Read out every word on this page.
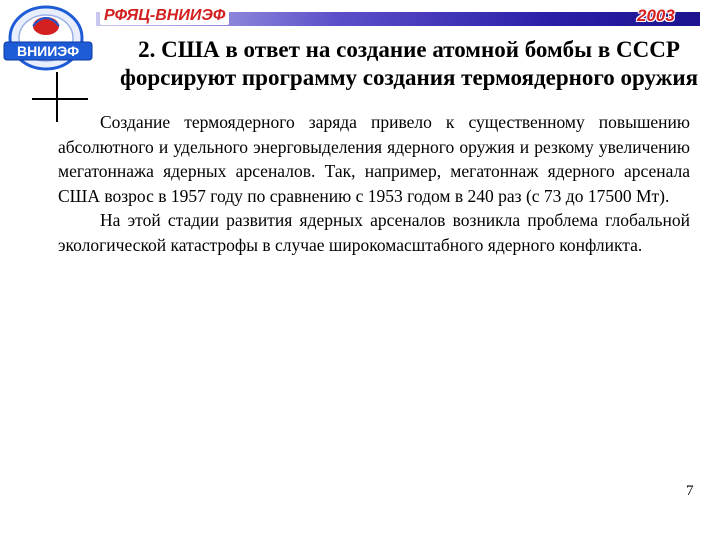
ВНИИЭФ
РФЯЦ-ВНИИЭФ	2003
2. США в ответ на создание атомной бомбы в СССР
форсируют программу создания термоядерного оружия

Создание термоядерного заряда привело к существенному повышению абсолютного и удельного энерговыделения ядерного оружия и резкому увеличению мегатоннажа ядерных арсеналов. Так, например, мегатоннаж ядерного арсенала США возрос в 1957 году по сравнению с 1953 годом в 240 раз (с 73 до 17500 Мт).

На этой стадии развития ядерных арсеналов возникла проблема глобальной экологической катастрофы в случае широкомасштабного ядерного конфликта.

7
